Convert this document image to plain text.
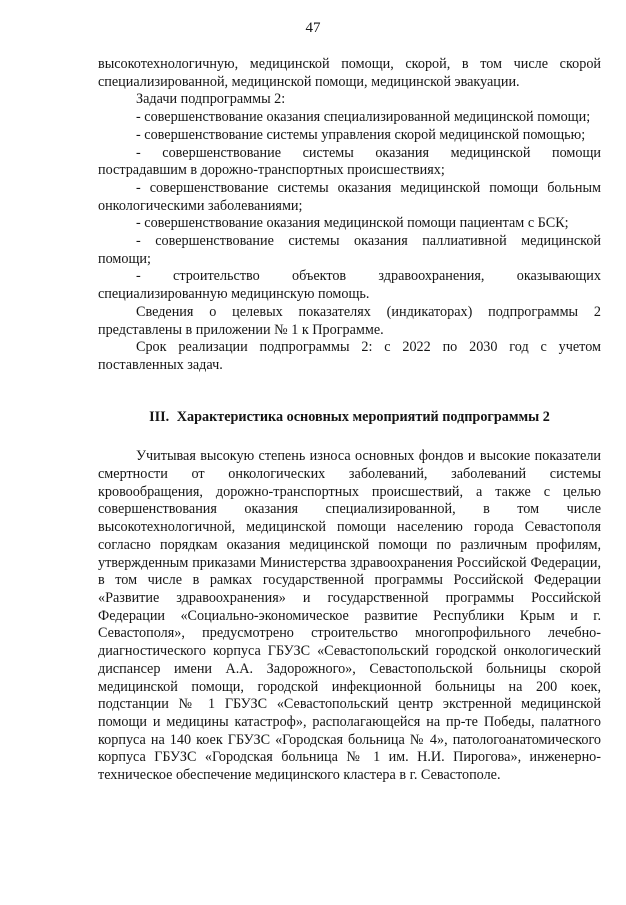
47

высокотехнологичную, медицинской помощи, скорой, в том числе скорой специализированной, медицинской помощи, медицинской эвакуации.

Задачи подпрограммы 2:

- совершенствование оказания специализированной медицинской помощи;

- совершенствование системы управления скорой медицинской помощью;

- совершенствование системы оказания медицинской помощи пострадавшим в дорожно-транспортных происшествиях;

- совершенствование системы оказания медицинской помощи больным онкологическими заболеваниями;

- совершенствование оказания медицинской помощи пациентам с БСК;

- совершенствование системы оказания паллиативной медицинской помощи;

- строительство объектов здравоохранения, оказывающих специализированную медицинскую помощь.

Сведения о целевых показателях (индикаторах) подпрограммы 2 представлены в приложении № 1 к Программе.

Срок реализации подпрограммы 2: с 2022 по 2030 год с учетом поставленных задач.

III. Характеристика основных мероприятий подпрограммы 2

Учитывая высокую степень износа основных фондов и высокие показатели смертности от онкологических заболеваний, заболеваний системы кровообращения, дорожно-транспортных происшествий, а также с целью совершенствования оказания специализированной, в том числе высокотехнологичной, медицинской помощи населению города Севастополя согласно порядкам оказания медицинской помощи по различным профилям, утвержденным приказами Министерства здравоохранения Российской Федерации, в том числе в рамках государственной программы Российской Федерации «Развитие здравоохранения» и государственной программы Российской Федерации «Социально-экономическое развитие Республики Крым и г. Севастополя», предусмотрено строительство многопрофильного лечебно-диагностического корпуса ГБУЗС «Севастопольский городской онкологический диспансер имени А.А. Задорожного», Севастопольской больницы скорой медицинской помощи, городской инфекционной больницы на 200 коек, подстанции № 1 ГБУЗС «Севастопольский центр экстренной медицинской помощи и медицины катастроф», располагающейся на пр-те Победы, палатного корпуса на 140 коек ГБУЗС «Городская больница № 4», патологоанатомического корпуса ГБУЗС «Городская больница № 1 им. Н.И. Пирогова», инженерно-техническое обеспечение медицинского кластера в г. Севастополе.
